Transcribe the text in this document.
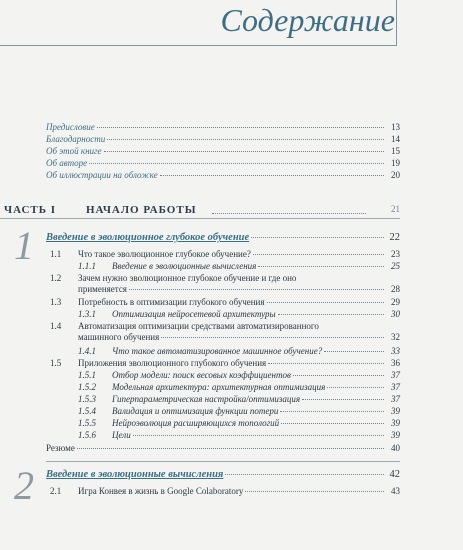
Содержание
Предисловие	13
Благодарности	14
Об этой книге	15
Об авторе	19
Об иллюстрации на обложке	20
ЧАСТЬ I	НАЧАЛО РАБОТЫ	21
1 Введение в эволюционное глубокое обучение	22
1.1 Что такое эволюционное глубокое обучение?	23
1.1.1 Введение в эволюционные вычисления	25
1.2 Зачем нужно эволюционное глубокое обучение и где оно
применяется	28
1.3 Потребность в оптимизации глубокого обучения	29
1.3.1 Оптимизация нейросетевой архитектуры	30
1.4 Автоматизация оптимизации средствами автоматизированного
машинного обучения	32
1.4.1 Что такое автоматизированное машинное обучение?	33
1.5 Приложения эволюционного глубокого обучения	36
1.5.1 Отбор модели: поиск весовых коэффициентов	37
1.5.2 Модельная архитектура: архитектурная оптимизация	37
1.5.3 Гиперпараметрическая настройка/оптимизация	37
1.5.4 Валидация и оптимизация функции потери	39
1.5.5 Нейроэволюция расширяющихся топологий	39
1.5.6 Цели	39
Резюме	40
2 Введение в эволюционные вычисления	42
2.1 Игра Конвея в жизнь в Google Colaboratory	43
